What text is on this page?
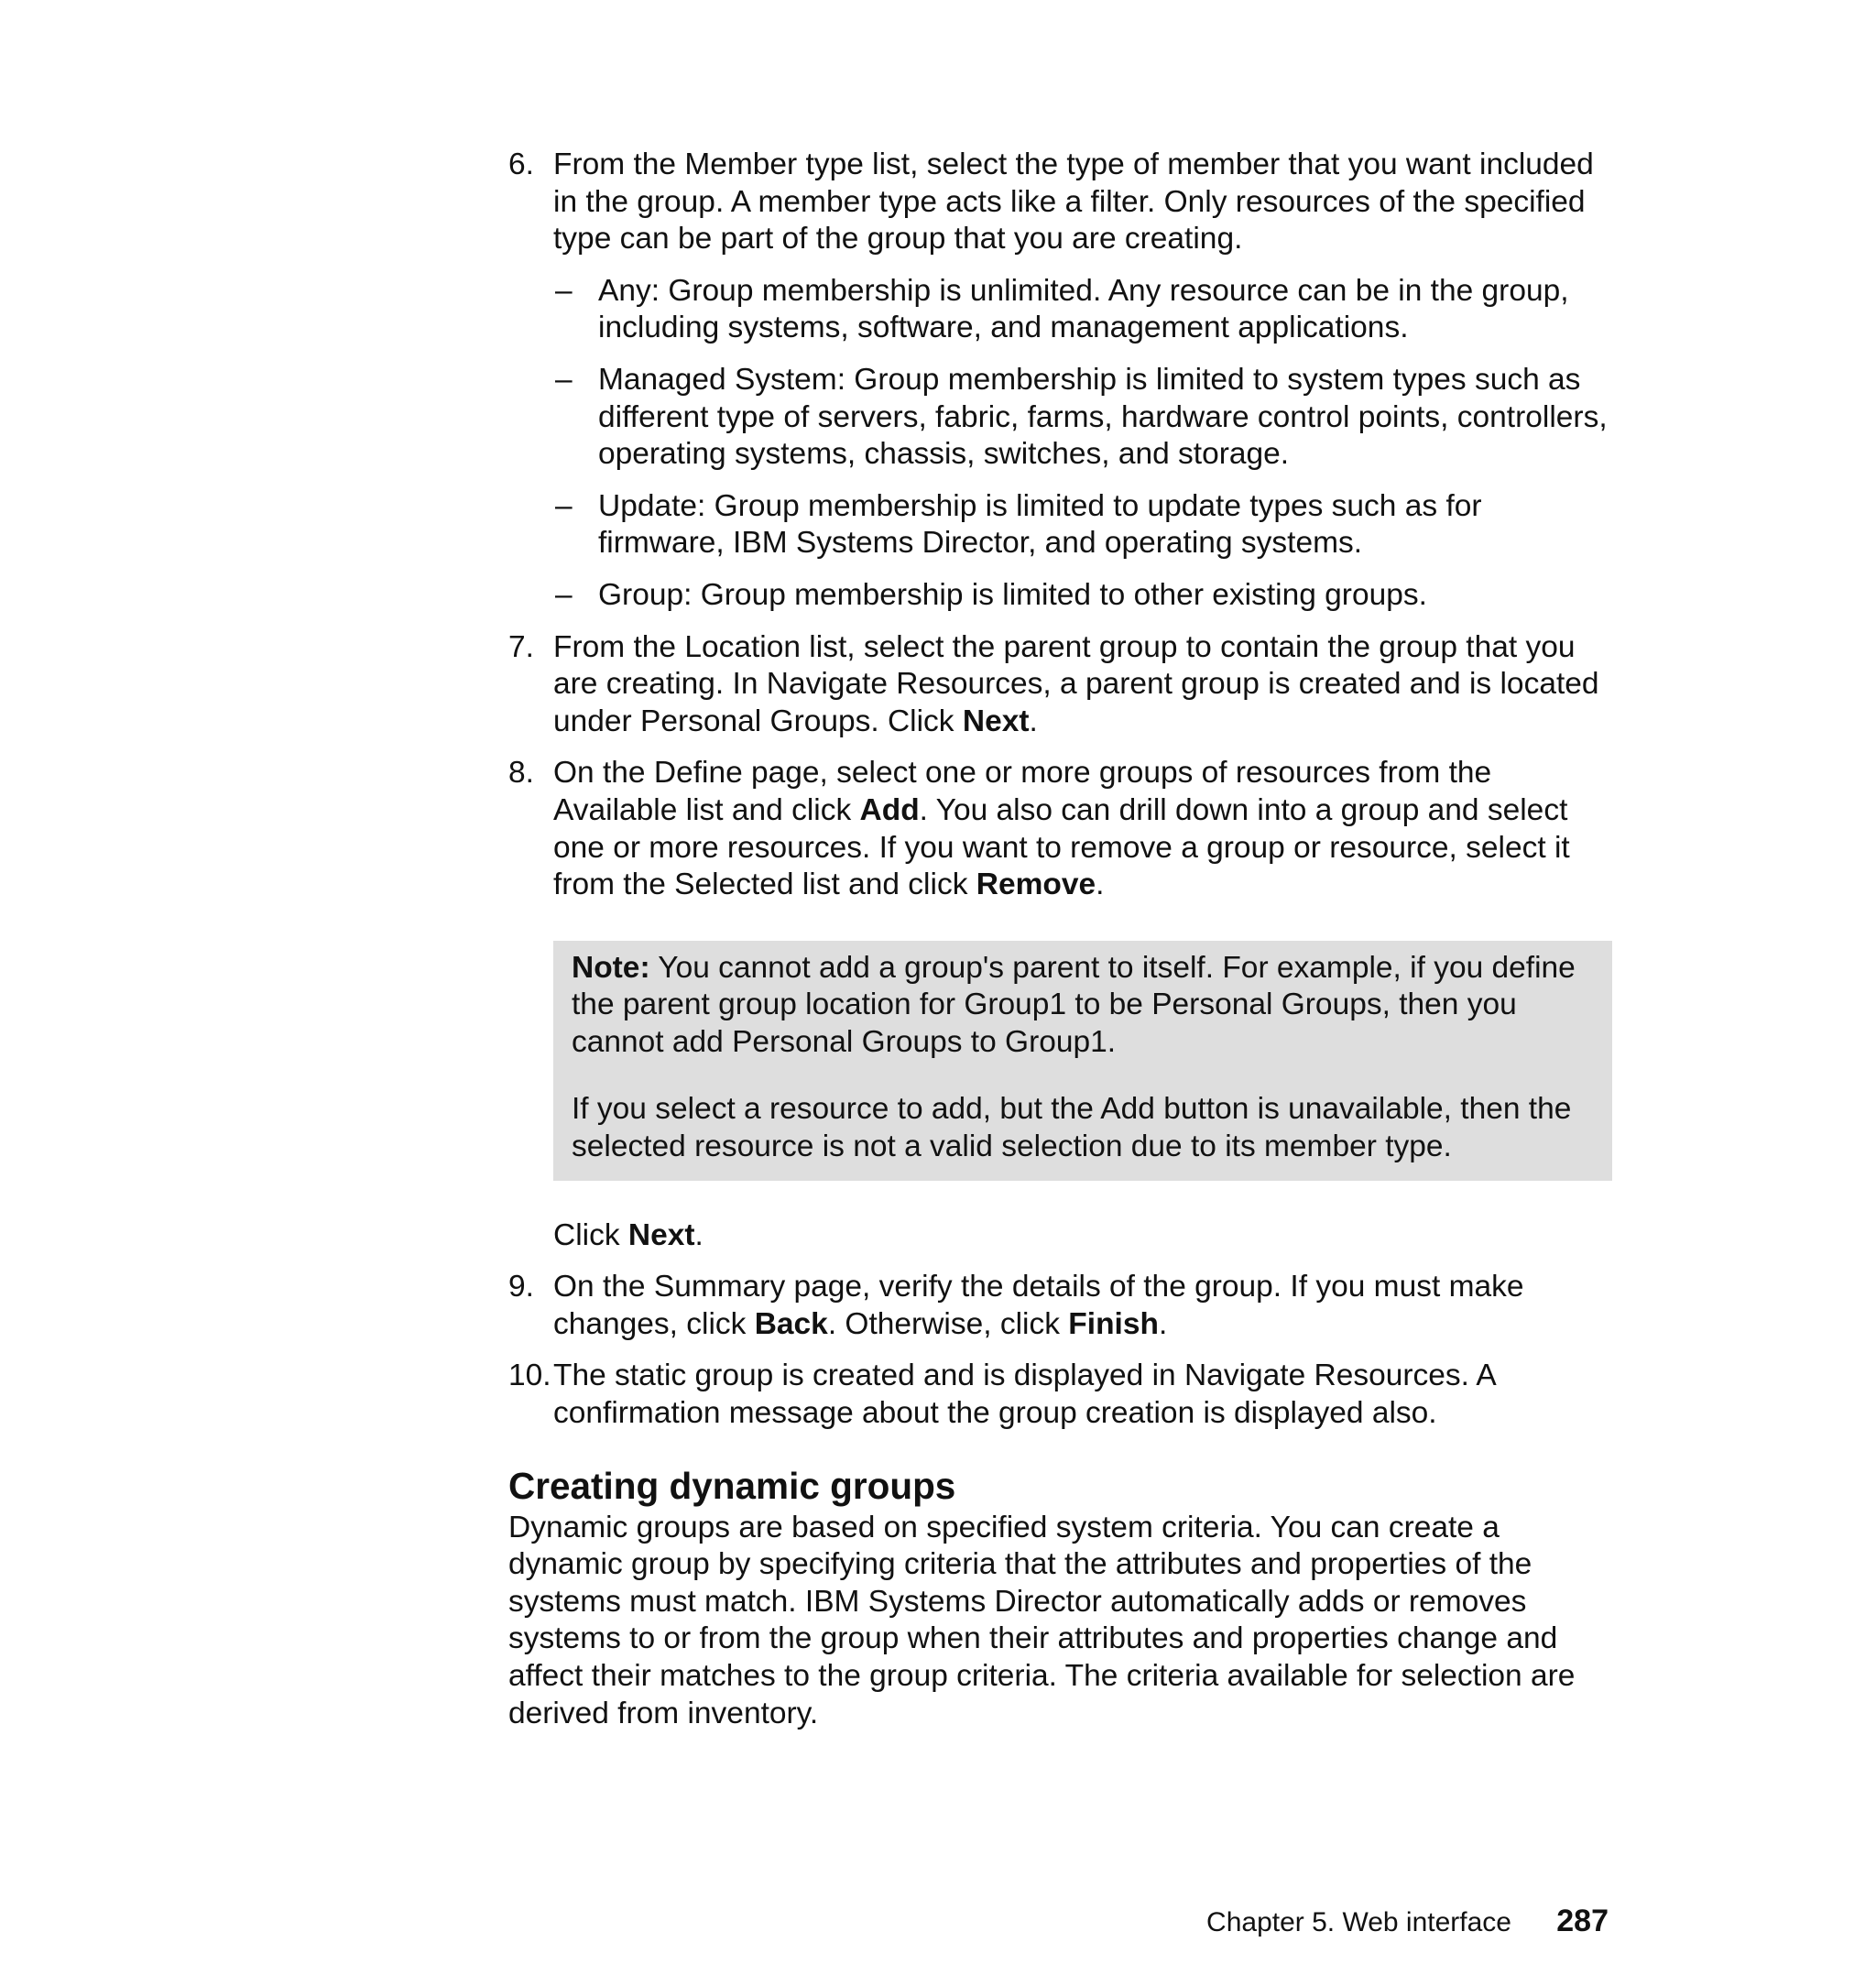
6. From the Member type list, select the type of member that you want included in the group. A member type acts like a filter. Only resources of the specified type can be part of the group that you are creating.
– Any: Group membership is unlimited. Any resource can be in the group, including systems, software, and management applications.
– Managed System: Group membership is limited to system types such as different type of servers, fabric, farms, hardware control points, controllers, operating systems, chassis, switches, and storage.
– Update: Group membership is limited to update types such as for firmware, IBM Systems Director, and operating systems.
– Group: Group membership is limited to other existing groups.
7. From the Location list, select the parent group to contain the group that you are creating. In Navigate Resources, a parent group is created and is located under Personal Groups. Click Next.
8. On the Define page, select one or more groups of resources from the Available list and click Add. You also can drill down into a group and select one or more resources. If you want to remove a group or resource, select it from the Selected list and click Remove.

Note: You cannot add a group's parent to itself. For example, if you define the parent group location for Group1 to be Personal Groups, then you cannot add Personal Groups to Group1.

If you select a resource to add, but the Add button is unavailable, then the selected resource is not a valid selection due to its member type.

Click Next.
9. On the Summary page, verify the details of the group. If you must make changes, click Back. Otherwise, click Finish.
10. The static group is created and is displayed in Navigate Resources. A confirmation message about the group creation is displayed also.
Creating dynamic groups

Dynamic groups are based on specified system criteria. You can create a dynamic group by specifying criteria that the attributes and properties of the systems must match. IBM Systems Director automatically adds or removes systems to or from the group when their attributes and properties change and affect their matches to the group criteria. The criteria available for selection are derived from inventory.

Chapter 5. Web interface 287
